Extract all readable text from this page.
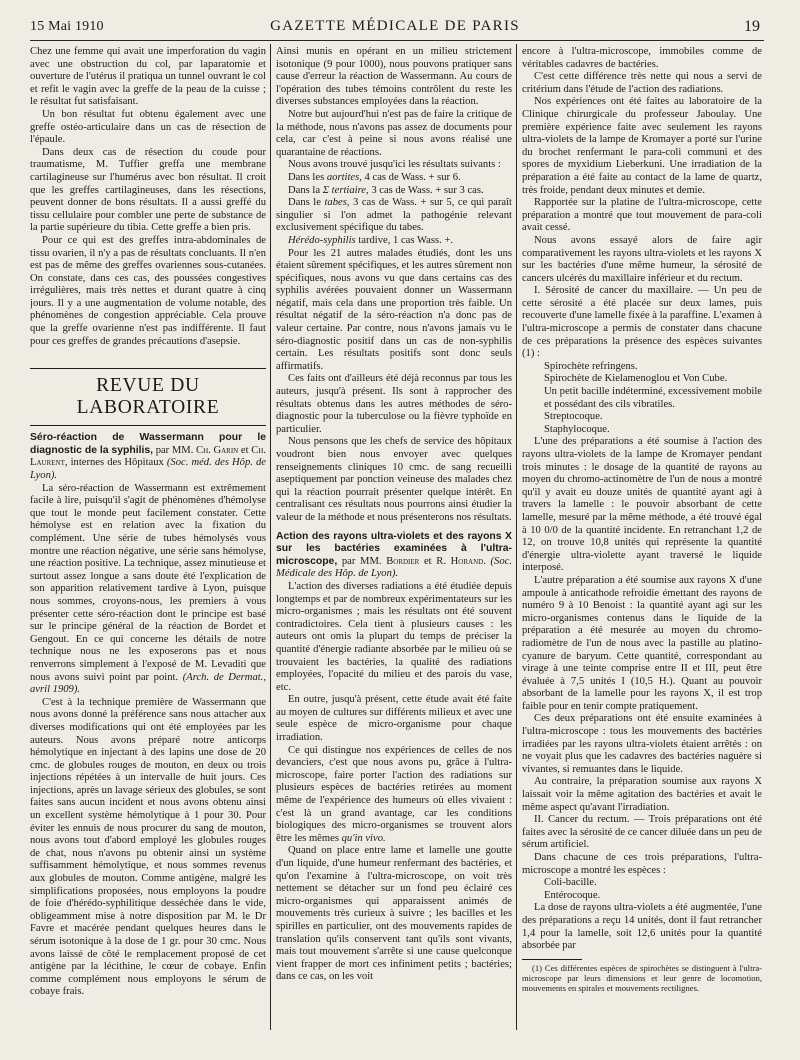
15 Mai 1910	GAZETTE MÉDICALE DE PARIS	19

Chez une femme qui avait une imperforation du vagin avec une obstruction du col, par laparatomie et ouverture de l'utérus il pratiqua un tunnel ouvrant le col et refit le vagin avec la greffe de la peau de la cuisse ; le résultat fut satisfaisant.

Un bon résultat fut obtenu également avec une greffe ostéo-articulaire dans un cas de résection de l'épaule.

Dans deux cas de résection du coude pour traumatisme, M. Tuffier greffa une membrane cartilagineuse sur l'humérus avec bon résultat. Il croit que les greffes cartilagineuses, dans les résections, peuvent donner de bons résultats. Il a aussi greffé du tissu cellulaire pour combler une perte de substance de la partie supérieure du tibia. Cette greffe a bien pris.

Pour ce qui est des greffes intra-abdominales de tissu ovarien, il n'y a pas de résultats concluants. Il n'en est pas de même des greffes ovariennes sous-cutanées. On constate, dans ces cas, des poussées congestives irrégulières, mais très nettes et durant quatre à cinq jours. Il y a une augmentation de volume notable, des phénomènes de congestion appréciable. Cela prouve que la greffe ovarienne n'est pas indifférente. Il faut pour ces greffes de grandes précautions d'asepsie.

REVUE DU LABORATOIRE

Séro-réaction de Wassermann pour le diagnostic de la syphilis, par MM. Ch. Garin et Ch. Laurent, internes des Hôpitaux (Soc. méd. des Hôp. de Lyon).

La séro-réaction de Wassermann est extrêmement facile à lire, puisqu'il s'agit de phénomènes d'hémolyse que tout le monde peut facilement constater. Cette hémolyse est en relation avec la fixation du complément. Une série de tubes hémolysés vous montre une réaction négative, une série sans hémolyse, une réaction positive. La technique, assez minutieuse et surtout assez longue a sans doute été l'explication de son apparition relativement tardive à Lyon, puisque nous sommes, croyons-nous, les premiers à vous présenter cette séro-réaction dont le principe est basé sur le principe général de la réaction de Bordet et Gengout. En ce qui concerne les détails de notre technique nous ne les exposerons pas et nous renverrons simplement à l'exposé de M. Levaditi que nous avons suivi point par point. (Arch. de Dermat., avril 1909).

C'est à la technique première de Wassermann que nous avons donné la préférence sans nous attacher aux diverses modifications qui ont été employées par les auteurs. Nous avons préparé notre anticorps hémolytique en injectant à des lapins une dose de 20 cmc. de globules rouges de mouton, en deux ou trois injections répétées à un intervalle de huit jours. Ces injections, après un lavage sérieux des globules, se sont faites sans aucun incident et nous avons obtenu ainsi un excellent système hémolytique à 1 pour 30. Pour éviter les ennuis de nous procurer du sang de mouton, nous avons tout d'abord employé les globules rouges de chat, nous n'avons pu obtenir ainsi un système suffisamment hémolytique, et nous sommes revenus aux globules de mouton. Comme antigène, malgré les simplifications proposées, nous employons la poudre de foie d'hérédo-syphilitique desséchée dans le vide, obligeamment mise à notre disposition par M. le Dr Favre et macérée pendant quelques heures dans le sérum isotonique à la dose de 1 gr. pour 30 cmc. Nous avons laissé de côté le remplacement proposé de cet antigène par la lécithine, le cœur de cobaye. Enfin comme complément nous employons le sérum de cobaye frais.

Ainsi munis en opérant en un milieu strictement isotonique (9 pour 1000), nous pouvons pratiquer sans cause d'erreur la réaction de Wassermann. Au cours de l'opération des tubes témoins contrôlent du reste les diverses substances employées dans la réaction.

Notre but aujourd'hui n'est pas de faire la critique de la méthode, nous n'avons pas assez de documents pour cela, car c'est à peine si nous avons réalisé une quarantaine de réactions.

Nous avons trouvé jusqu'ici les résultats suivants :

Dans les aortites, 4 cas de Wass. + sur 6.

Dans la Σ tertiaire, 3 cas de Wass. + sur 3 cas.

Dans le tabes, 3 cas de Wass. + sur 5, ce qui paraît singulier si l'on admet la pathogénie relevant exclusivement spécifique du tabes.

Hérédo-syphilis tardive, 1 cas Wass. +.

Pour les 21 autres malades étudiés, dont les uns étaient sûrement spécifiques, et les autres sûrement non spécifiques, nous avons vu que dans certains cas des syphilis avérées pouvaient donner un Wassermann négatif, mais cela dans une proportion très faible. Un résultat négatif de la séro-réaction n'a donc pas de valeur certaine. Par contre, nous n'avons jamais vu le séro-diagnostic positif dans un cas de non-syphilis certain. Les résultats positifs sont donc seuls affirmatifs.

Ces faits ont d'ailleurs été déjà reconnus par tous les auteurs, jusqu'à présent. Ils sont à rapprocher des résultats obtenus dans les autres méthodes de séro-diagnostic pour la tuberculose ou la fièvre typhoïde en particulier.

Nous pensons que les chefs de service des hôpitaux voudront bien nous envoyer avec quelques renseignements cliniques 10 cmc. de sang recueilli aseptiquement par ponction veineuse des malades chez qui la réaction pourrait présenter quelque intérêt. En centralisant ces résultats nous pourrons ainsi étudier la valeur de la méthode et nous présenterons nos résultats.

Action des rayons ultra-violets et des rayons X sur les bactéries examinées à l'ultra-microscope, par MM. Bordier et R. Horand. (Soc. Médicale des Hôp. de Lyon).

L'action des diverses radiations a été étudiée depuis longtemps et par de nombreux expérimentateurs sur les micro-organismes ; mais les résultats ont été souvent contradictoires. Cela tient à plusieurs causes : les auteurs ont omis la plupart du temps de préciser la quantité d'énergie radiante absorbée par le milieu où se trouvaient les bactéries, la qualité des radiations employées, l'opacité du milieu et des parois du vase, etc.

En outre, jusqu'à présent, cette étude avait été faite au moyen de cultures sur différents milieux et avec une seule espèce de micro-organisme pour chaque irradiation.

Ce qui distingue nos expériences de celles de nos devanciers, c'est que nous avons pu, grâce à l'ultra-microscope, faire porter l'action des radiations sur plusieurs espèces de bactéries retirées au moment même de l'expérience des humeurs où elles vivaient : c'est là un grand avantage, car les conditions biologiques des micro-organismes se trouvent alors être les mêmes qu'in vivo.

Quand on place entre lame et lamelle une goutte d'un liquide, d'une humeur renfermant des bactéries, et qu'on l'examine à l'ultra-microscope, on voit très nettement se détacher sur un fond peu éclairé ces micro-organismes qui apparaissent animés de mouvements très curieux à suivre ; les bacilles et les spirilles en particulier, ont des mouvements rapides de translation qu'ils conservent tant qu'ils sont vivants, mais tout mouvement s'arrête si une cause quelconque vient frapper de mort ces infiniment petits ; bactéries; dans ce cas, on les voit

encore à l'ultra-microscope, immobiles comme de véritables cadavres de bactéries.

C'est cette différence très nette qui nous a servi de critérium dans l'étude de l'action des radiations.

Nos expériences ont été faites au laboratoire de la Clinique chirurgicale du professeur Jaboulay. Une première expérience faite avec seulement les rayons ultra-violets de la lampe de Kromayer a porté sur l'urine du brochet renfermant le para-coli communi et des spores de myxidium Lieberkuni. Une irradiation de la préparation a été faite au contact de la lame de quartz, très froide, pendant deux minutes et demie.

Rapportée sur la platine de l'ultra-microscope, cette préparation a montré que tout mouvement de para-coli avait cessé.

Nous avons essayé alors de faire agir comparativement les rayons ultra-violets et les rayons X sur les bactéries d'une même humeur, la sérosité de cancers ulcérés du maxillaire inférieur et du rectum.

I. Sérosité de cancer du maxillaire. — Un peu de cette sérosité a été placée sur deux lames, puis recouverte d'une lamelle fixée à la paraffine. L'examen à l'ultra-microscope a permis de constater dans chacune de ces préparations la présence des espèces suivantes (1) :

Spirochète refringens.

Spirochète de Kielamenoglou et Von Cube.

Un petit bacille indéterminé, excessivement mobile et possédant des cils vibratiles.

Streptocoque.

Staphylocoque.

L'une des préparations a été soumise à l'action des rayons ultra-violets de la lampe de Kromayer pendant trois minutes : le dosage de la quantité de rayons au moyen du chromo-actinomètre de l'un de nous a montré qu'il y avait eu douze unités de quantité ayant agi à travers la lamelle : le pouvoir absorbant de cette lamelle, mesuré par la même méthode, a été trouvé égal à 10 0/0 de la quantité incidente. En retranchant 1,2 de 12, on trouve 10,8 unités qui représente la quantité d'énergie ultra-violette ayant traversé le liquide interposé.

L'autre préparation a été soumise aux rayons X d'une ampoule à anticathode refroidie émettant des rayons de numéro 9 à 10 Benoist : la quantité ayant agi sur les micro-organismes contenus dans le liquide de la préparation a été mesurée au moyen du chromo-radiomètre de l'un de nous avec la pastille au platino-cyanure de baryum. Cette quantité, correspondant au virage à une teinte comprise entre II et III, peut être évaluée à 7,5 unités I (10,5 H.). Quant au pouvoir absorbant de la lamelle pour les rayons X, il est trop faible pour en tenir compte pratiquement.

Ces deux préparations ont été ensuite examinées à l'ultra-microscope : tous les mouvements des bactéries irradiées par les rayons ultra-violets étaient arrêtés : on ne voyait plus que les cadavres des bactéries naguère si vivantes, si remuantes dans le liquide.

Au contraire, la préparation soumise aux rayons X laissait voir la même agitation des bactéries et avait le même aspect qu'avant l'irradiation.

II. Cancer du rectum. — Trois préparations ont été faites avec la sérosité de ce cancer diluée dans un peu de sérum artificiel.

Dans chacune de ces trois préparations, l'ultra-microscope a montré les espèces :

Coli-bacille.

Entérocoque.

La dose de rayons ultra-violets a été augmentée, l'une des préparations a reçu 14 unités, dont il faut retrancher 1,4 pour la lamelle, soit 12,6 unités pour la quantité absorbée par

(1) Ces différentes espèces de spirochètes se distinguent à l'ultra-microscope par leurs dimensions et leur genre de locomotion, mouvements en spirales et mouvements rectilignes.
